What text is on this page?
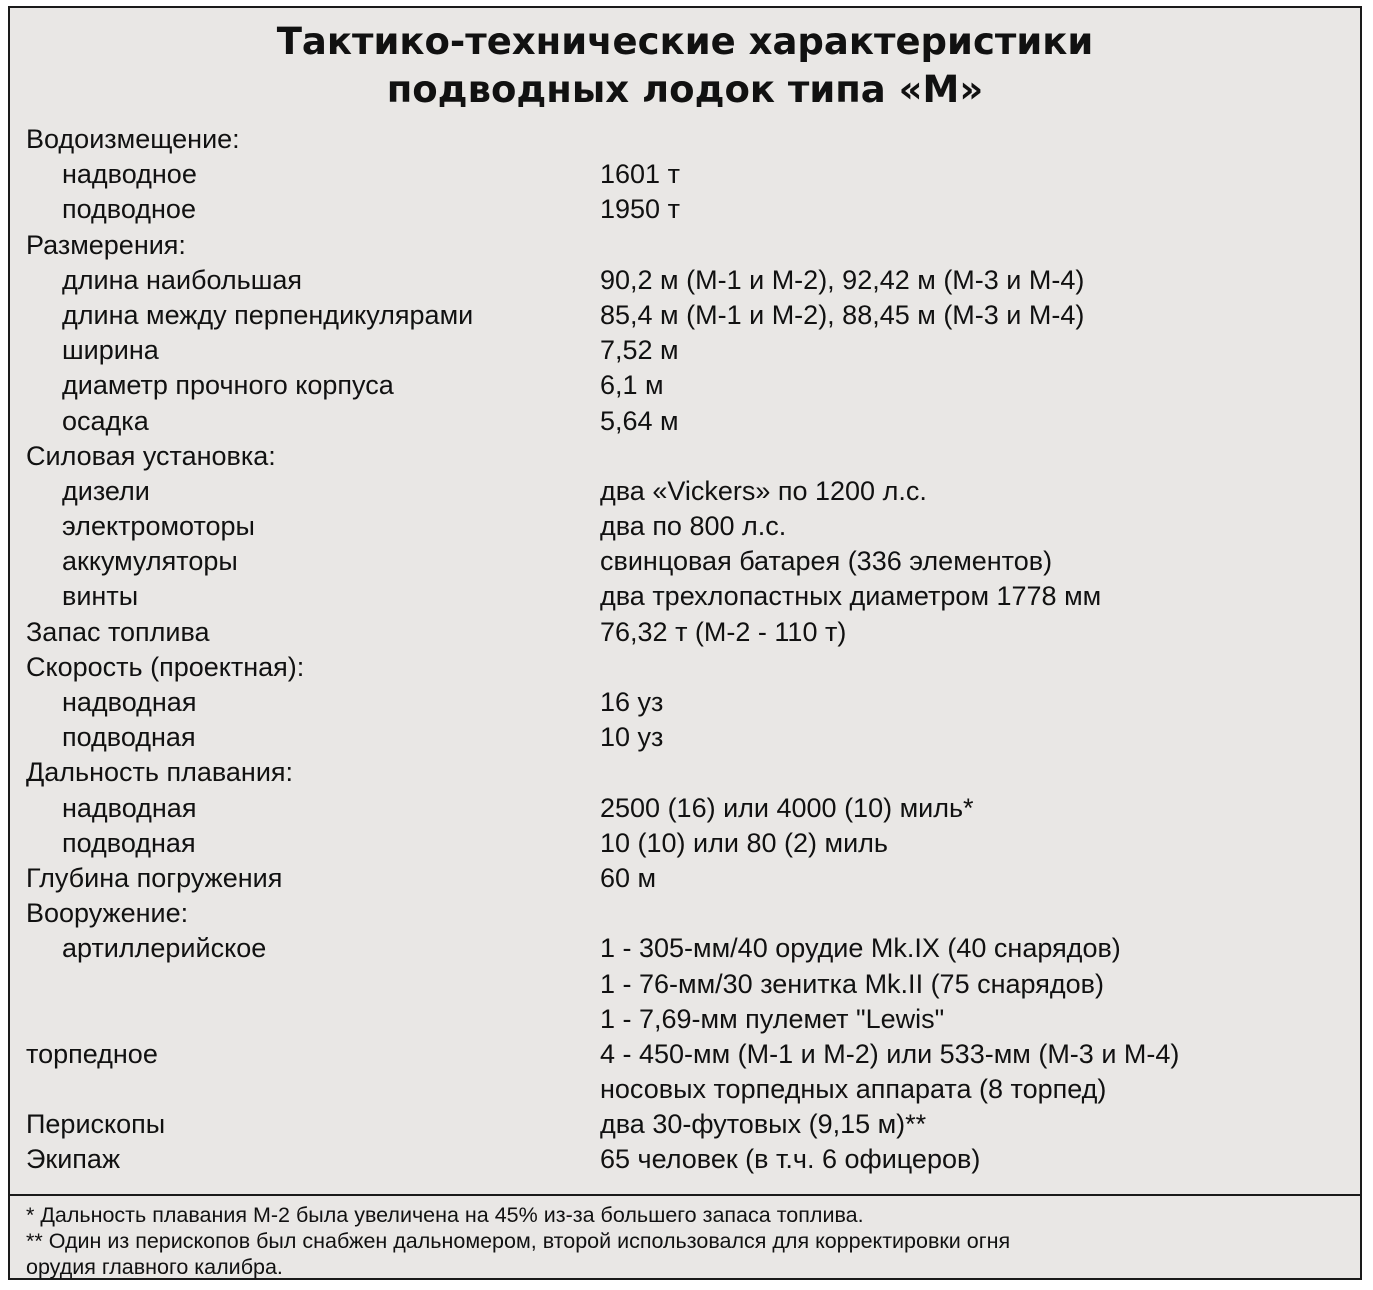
Тактико-технические характеристики
подводных лодок типа «М»
Водоизмещение:
надводное	1601 т
подводное	1950 т
Размерения:
длина наибольшая	90,2 м (М-1 и М-2), 92,42 м (М-3 и М-4)
длина между перпендикулярами	85,4 м (М-1 и М-2), 88,45 м (М-3 и М-4)
ширина	7,52 м
диаметр прочного корпуса	6,1 м
осадка	5,64 м
Силовая установка:
дизели	два «Vickers» по 1200 л.с.
электромоторы	два по 800 л.с.
аккумуляторы	свинцовая батарея (336 элементов)
винты	два трехлопастных диаметром 1778 мм
Запас топлива	76,32 т (М-2 - 110 т)
Скорость (проектная):
надводная	16 уз
подводная	10 уз
Дальность плавания:
надводная	2500 (16) или 4000 (10) миль*
подводная	10 (10) или 80 (2) миль
Глубина погружения	60 м
Вооружение:
артиллерийское	1 - 305-мм/40 орудие Mk.IX (40 снарядов)
1 - 76-мм/30 зенитка Mk.II (75 снарядов)
1 - 7,69-мм пулемет "Lewis"
торпедное	4 - 450-мм (М-1 и М-2) или 533-мм (М-3 и М-4)
носовых торпедных аппарата (8 торпед)
Перископы	два 30-футовых (9,15 м)**
Экипаж	65 человек (в т.ч. 6 офицеров)
* Дальность плавания М-2 была увеличена на 45% из-за большего запаса топлива.
** Один из перископов был снабжен дальномером, второй использовался для корректировки огня
орудия главного калибра.
